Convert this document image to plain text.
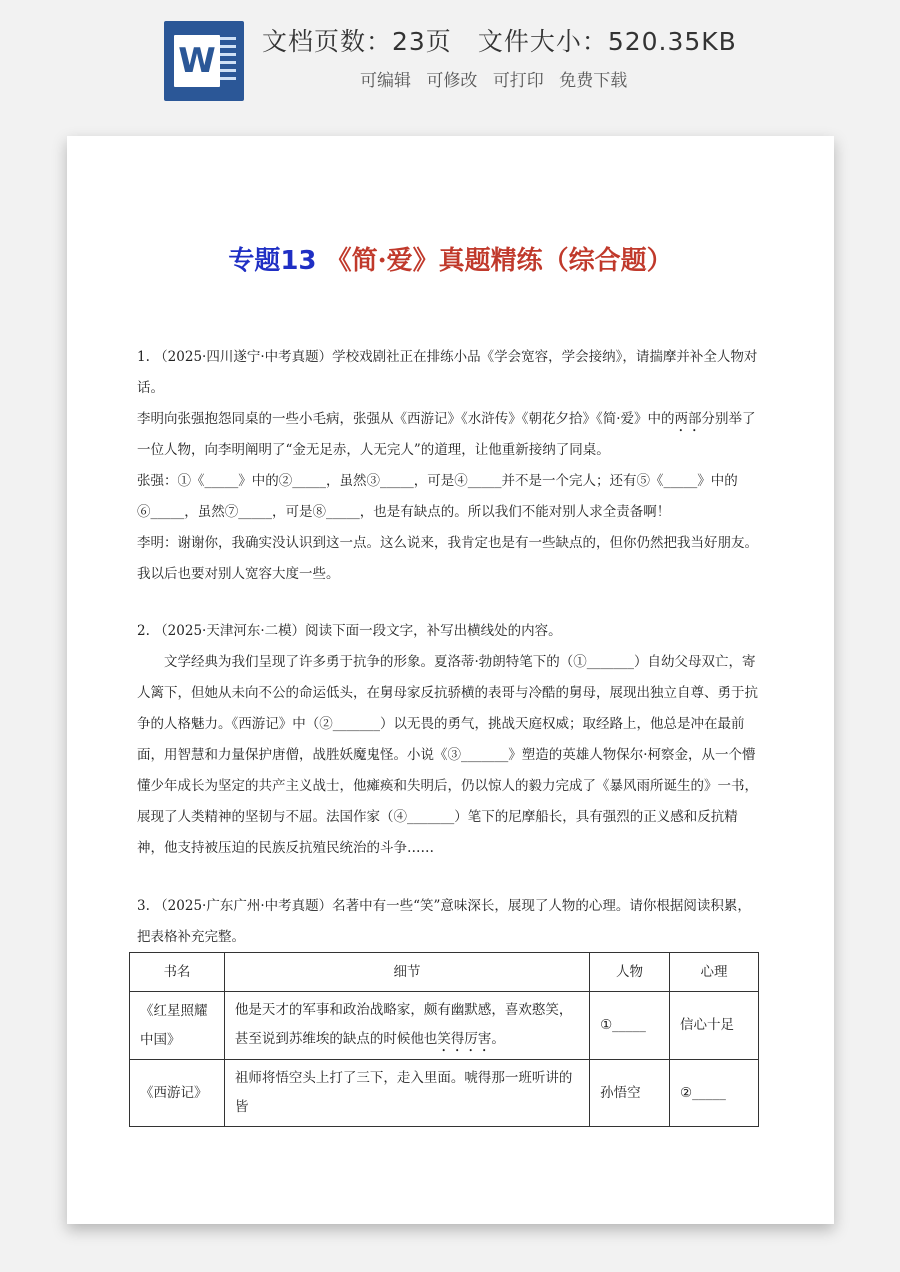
W 文档页数：23页 文件大小：520.35KB
可编辑 可修改 可打印 免费下载
专题13 《简·爱》真题精练（综合题）

1. （2025·四川遂宁·中考真题）学校戏剧社正在排练小品《学会宽容，学会接纳》，请揣摩并补全人物对话。

李明向张强抱怨同桌的一些小毛病，张强从《西游记》《水浒传》《朝花夕拾》《简·爱》中的两部分别举了一位人物，向李明阐明了“金无足赤，人无完人”的道理，让他重新接纳了同桌。

张强：①《_____》中的②_____，虽然③_____，可是④_____并不是一个完人；还有⑤《_____》中的⑥_____，虽然⑦_____，可是⑧_____，也是有缺点的。所以我们不能对别人求全责备啊！

李明：谢谢你，我确实没认识到这一点。这么说来，我肯定也是有一些缺点的，但你仍然把我当好朋友。我以后也要对别人宽容大度一些。

2. （2025·天津河东·二模）阅读下面一段文字，补写出横线处的内容。

文学经典为我们呈现了许多勇于抗争的形象。夏洛蒂·勃朗特笔下的（①_______）自幼父母双亡，寄人篱下，但她从未向不公的命运低头，在舅母家反抗骄横的表哥与冷酷的舅母，展现出独立自尊、勇于抗争的人格魅力。《西游记》中（②_______）以无畏的勇气，挑战天庭权威；取经路上，他总是冲在最前面，用智慧和力量保护唐僧，战胜妖魔鬼怪。小说《③_______》塑造的英雄人物保尔·柯察金，从一个懵懂少年成长为坚定的共产主义战士，他瘫痪和失明后，仍以惊人的毅力完成了《暴风雨所诞生的》一书，展现了人类精神的坚韧与不屈。法国作家（④_______）笔下的尼摩船长，具有强烈的正义感和反抗精神，他支持被压迫的民族反抗殖民统治的斗争……

3. （2025·广东广州·中考真题）名著中有一些“笑”意味深长，展现了人物的心理。请你根据阅读积累，把表格补充完整。

书名	细节	人物	心理
《红星照耀中国》	他是天才的军事和政治战略家，颇有幽默感，喜欢憨笑，甚至说到苏维埃的缺点的时候他也笑得厉害。	①_____	信心十足
《西游记》	祖师将悟空头上打了三下，走入里面。唬得那一班听讲的皆	孙悟空	②_____
